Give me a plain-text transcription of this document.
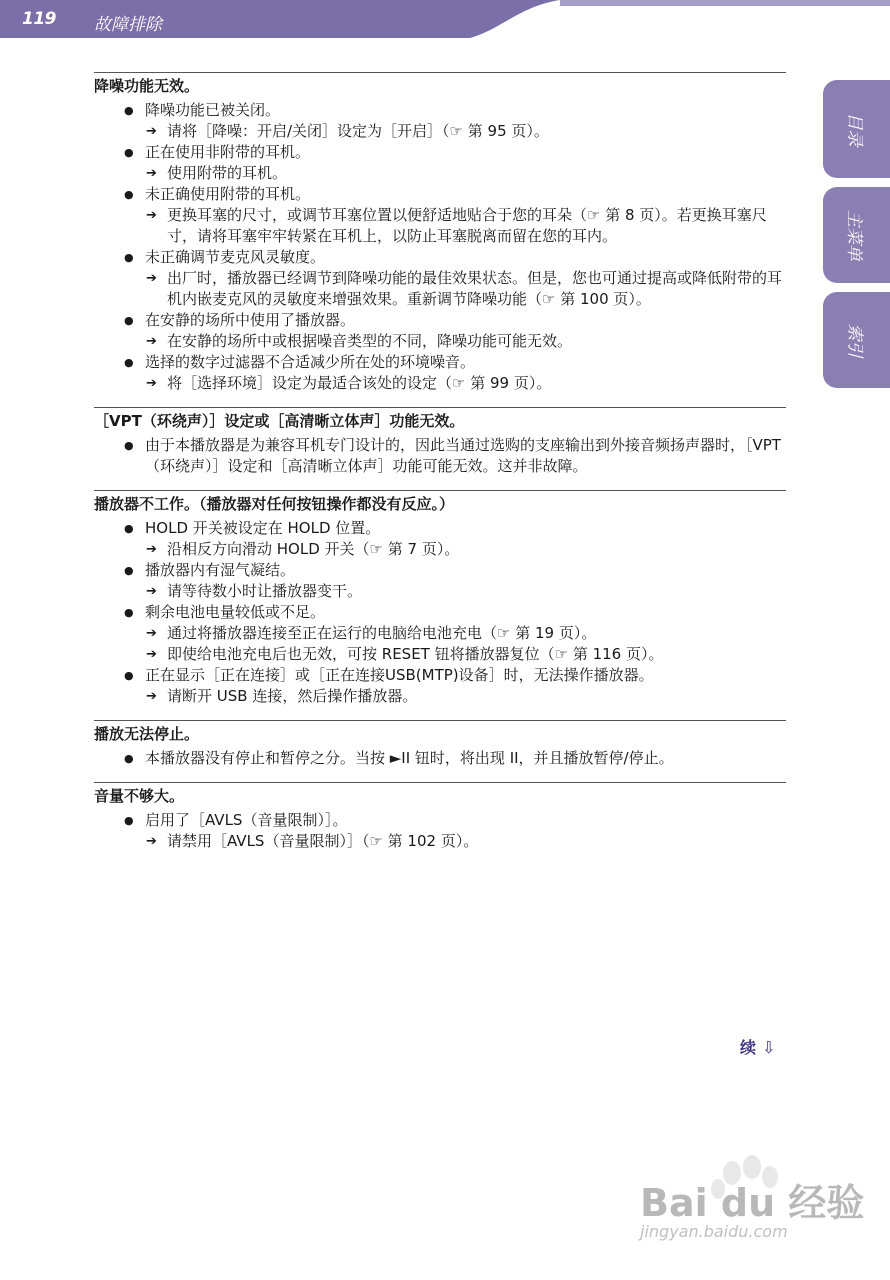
119 故障排除
目录
主菜单
索引
降噪功能无效。
● 降噪功能已被关闭。
➔ 请将［降噪：开启/关闭］设定为［开启］（☞ 第 95 页）。
● 正在使用非附带的耳机。
➔ 使用附带的耳机。
● 未正确使用附带的耳机。
➔ 更换耳塞的尺寸，或调节耳塞位置以便舒适地贴合于您的耳朵（☞ 第 8 页）。若更换耳塞尺寸，请将耳塞牢牢转紧在耳机上，以防止耳塞脱离而留在您的耳内。
● 未正确调节麦克风灵敏度。
➔ 出厂时，播放器已经调节到降噪功能的最佳效果状态。但是，您也可通过提高或降低附带的耳机内嵌麦克风的灵敏度来增强效果。重新调节降噪功能（☞ 第 100 页）。
● 在安静的场所中使用了播放器。
➔ 在安静的场所中或根据噪音类型的不同，降噪功能可能无效。
● 选择的数字过滤器不合适减少所在处的环境噪音。
➔ 将［选择环境］设定为最适合该处的设定（☞ 第 99 页）。
［VPT（环绕声）］设定或［高清晰立体声］功能无效。
● 由于本播放器是为兼容耳机专门设计的，因此当通过选购的支座输出到外接音频扬声器时，［VPT（环绕声）］设定和［高清晰立体声］功能可能无效。这并非故障。
播放器不工作。（播放器对任何按钮操作都没有反应。）
● HOLD 开关被设定在 HOLD 位置。
➔ 沿相反方向滑动 HOLD 开关（☞ 第 7 页）。
● 播放器内有湿气凝结。
➔ 请等待数小时让播放器变干。
● 剩余电池电量较低或不足。
➔ 通过将播放器连接至正在运行的电脑给电池充电（☞ 第 19 页）。
➔ 即使给电池充电后也无效，可按 RESET 钮将播放器复位（☞ 第 116 页）。
● 正在显示［正在连接］或［正在连接USB(MTP)设备］时，无法操作播放器。
➔ 请断开 USB 连接，然后操作播放器。
播放无法停止。
● 本播放器没有停止和暂停之分。当按 ►II 钮时，将出现 II，并且播放暂停/停止。
音量不够大。
● 启用了［AVLS（音量限制）］。
➔ 请禁用［AVLS（音量限制）］（☞ 第 102 页）。
续 ⇩
Bai du 经验
jingyan.baidu.com
